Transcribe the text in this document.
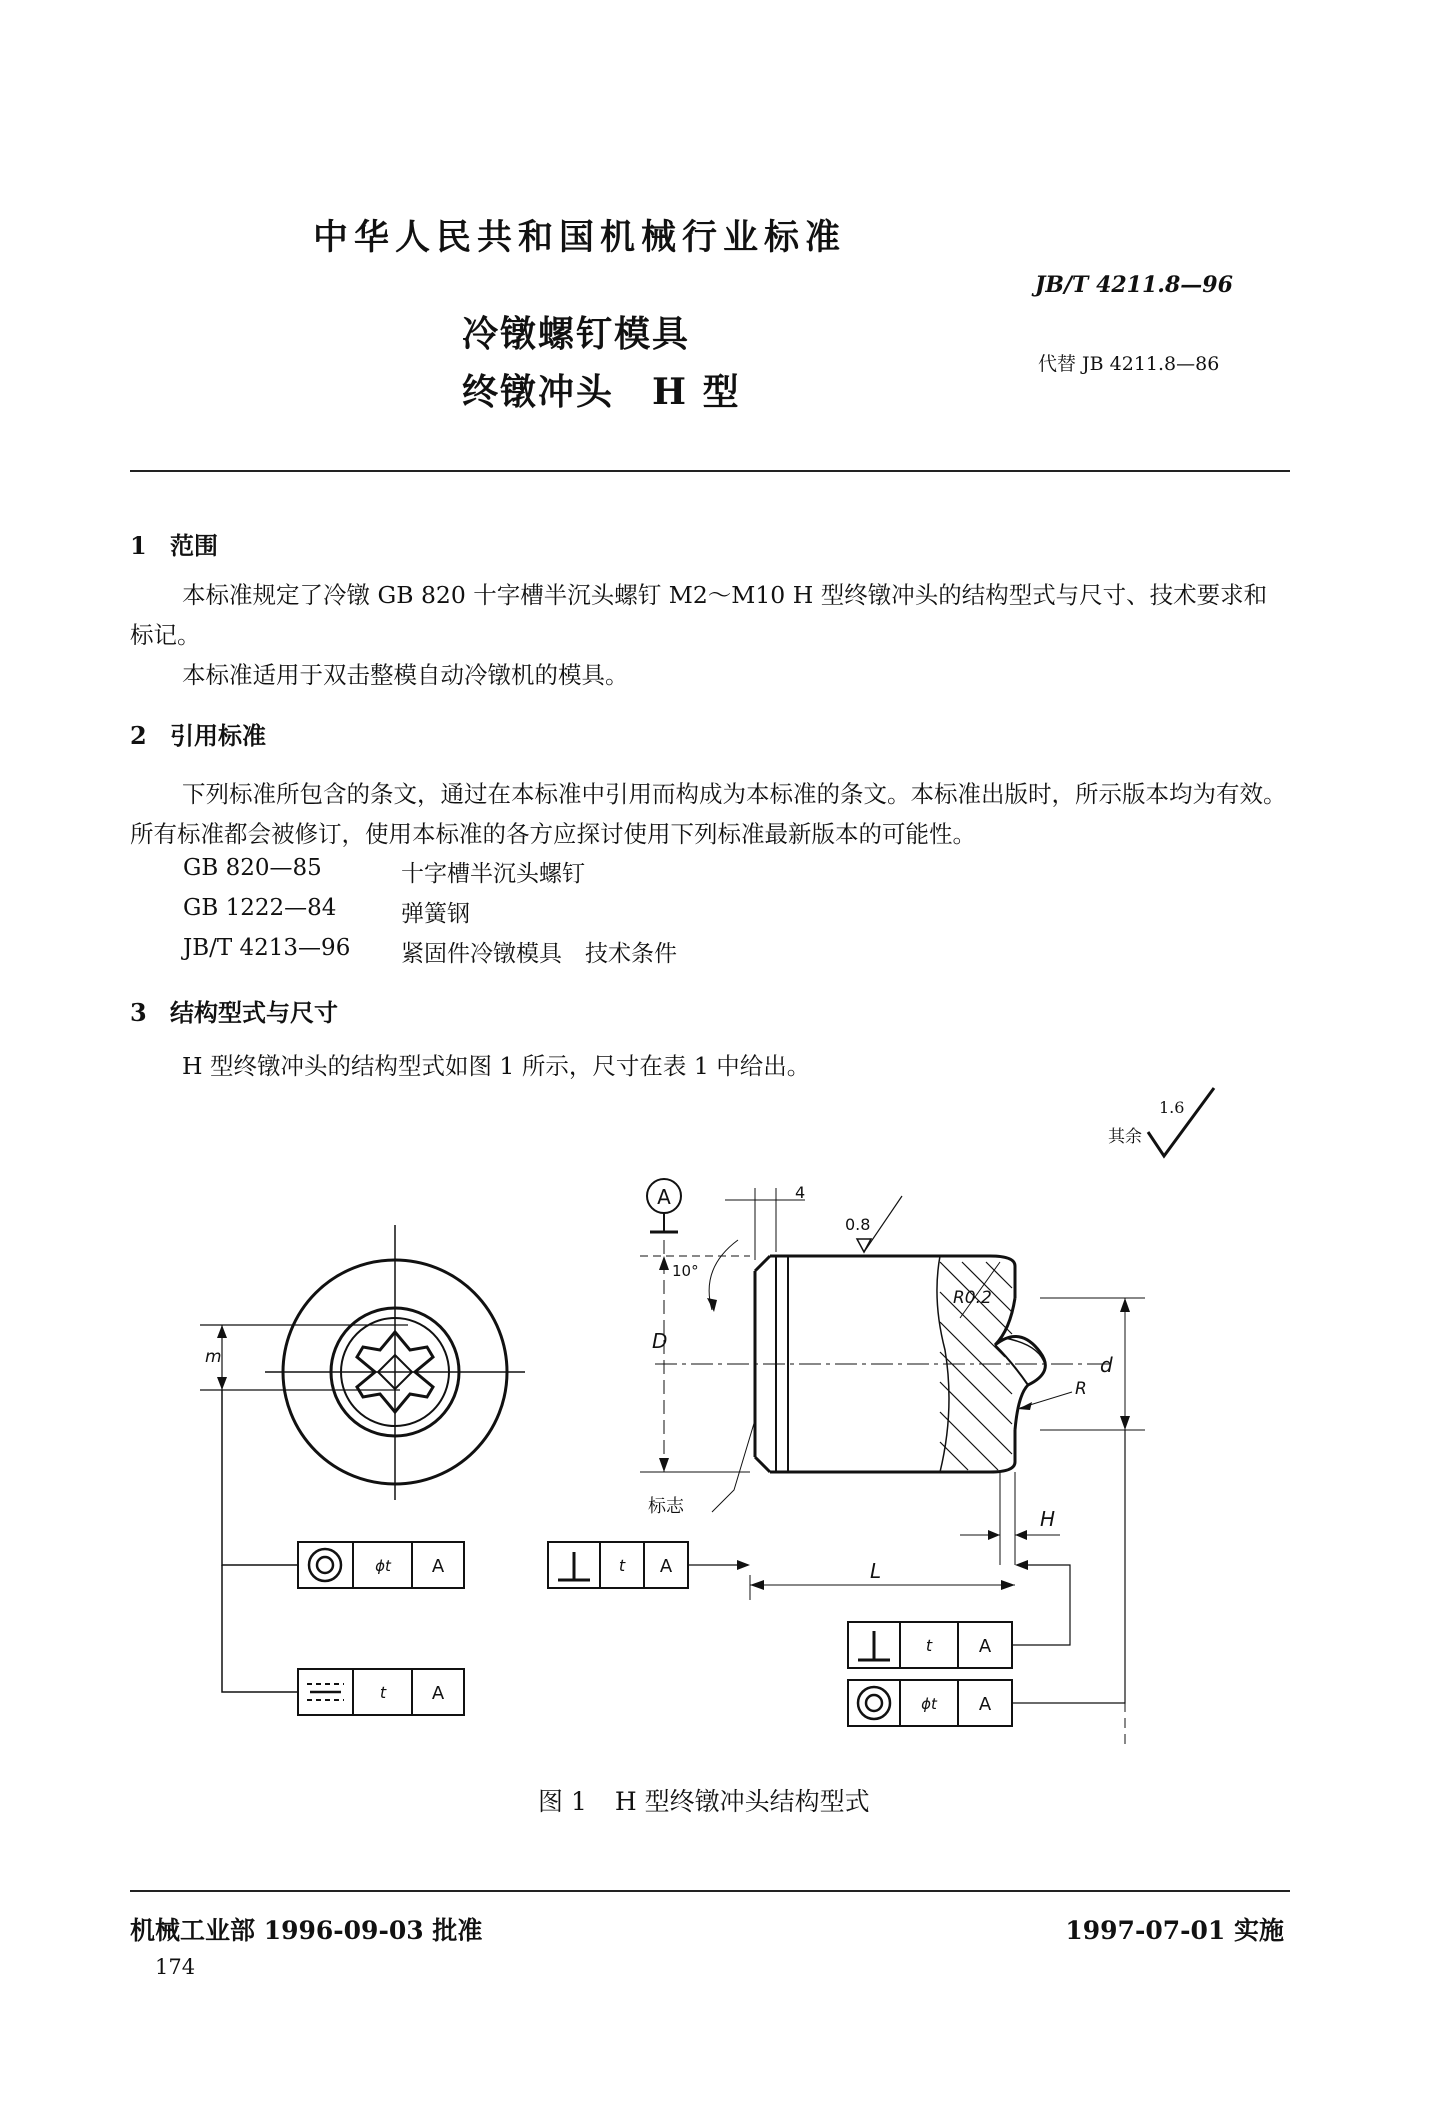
中华人民共和国机械行业标准
JB/T 4211.8—96
代替 JB 4211.8—86
冷镦螺钉模具
终镦冲头 H 型
1 范围
本标准规定了冷镦 GB 820 十字槽半沉头螺钉 M2～M10 H 型终镦冲头的结构型式与尺寸、技术要求和标记。
本标准适用于双击整模自动冷镦机的模具。
2 引用标准
下列标准所包含的条文，通过在本标准中引用而构成为本标准的条文。本标准出版时，所示版本均为有效。所有标准都会被修订，使用本标准的各方应探讨使用下列标准最新版本的可能性。
GB 820—85	十字槽半沉头螺钉
GB 1222—84	弹簧钢
JB/T 4213—96 紧固件冷镦模具　技术条件
3 结构型式与尺寸
H 型终镦冲头的结构型式如图 1 所示，尺寸在表 1 中给出。
其余
1.6
A	4
0.8
10°
D
R0.2
d
R
m
H
L
标志
ϕt A
t	A
t A
t	A
ϕt A
图 1 H 型终镦冲头结构型式
机械工业部 1996-09-03 批准	1997-07-01 实施
174
